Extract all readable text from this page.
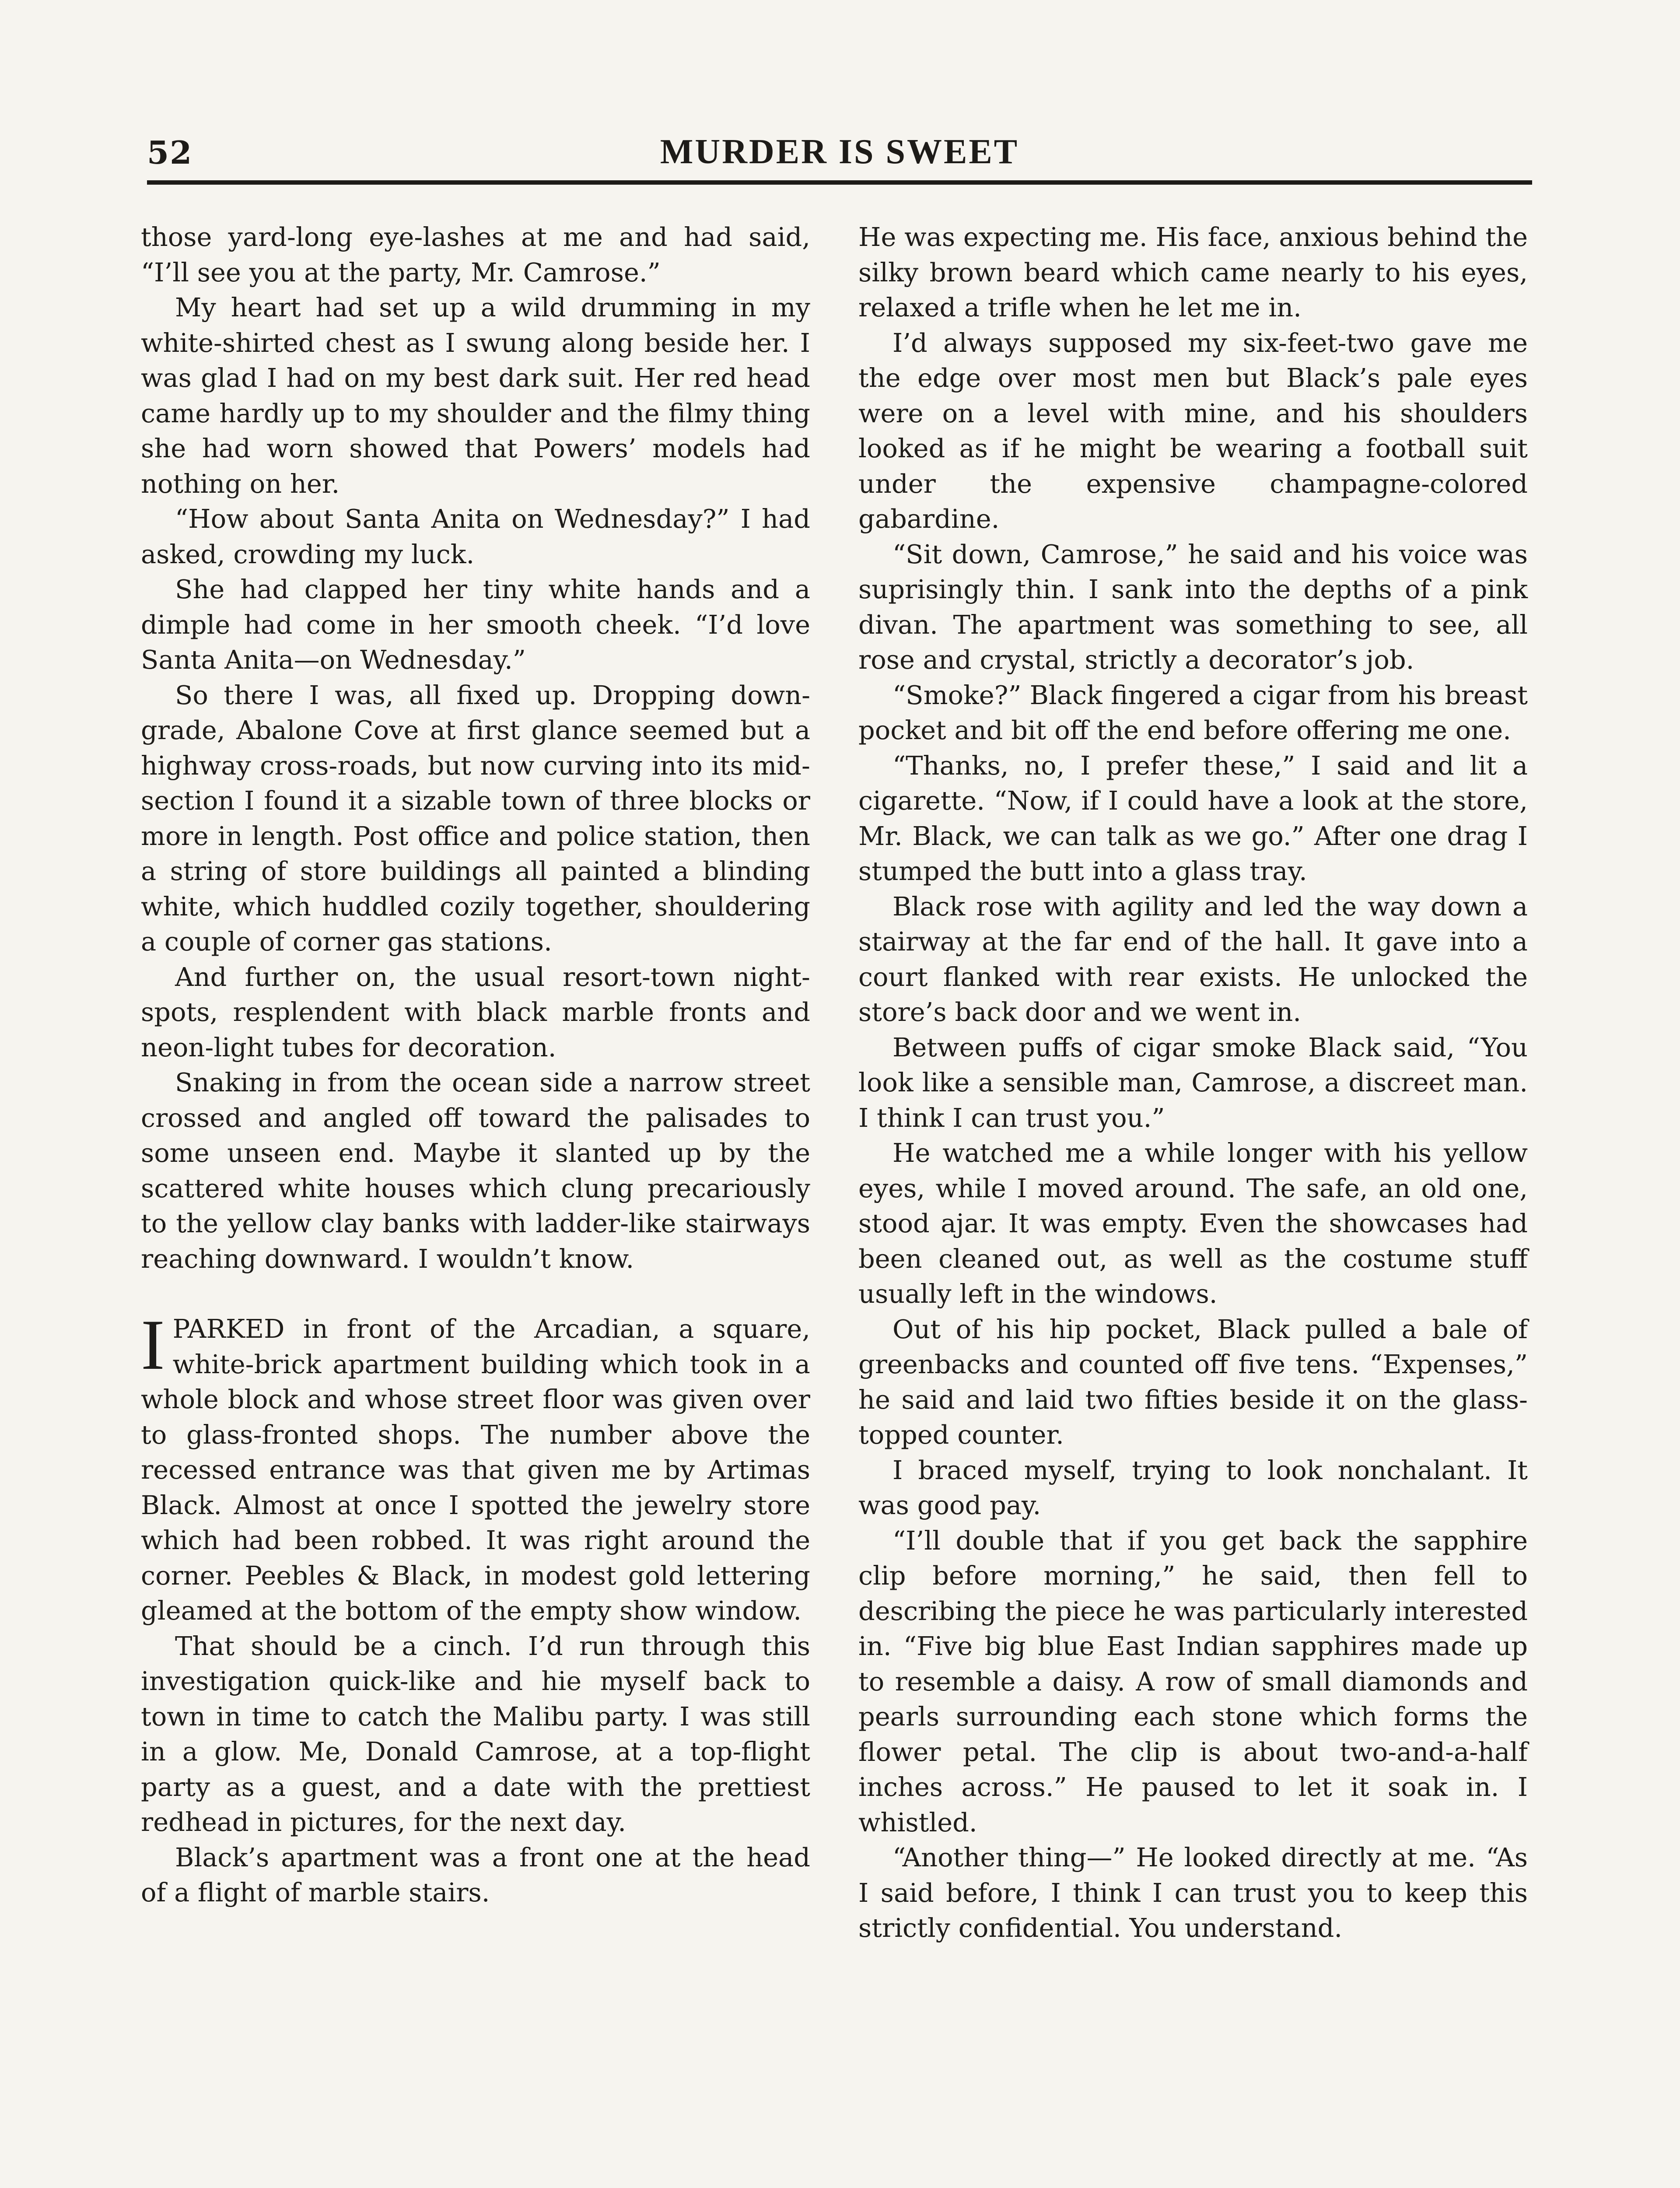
52	MURDER IS SWEET

those yard-long eye-lashes at me and had said, “I’ll see you at the party, Mr. Camrose.”

My heart had set up a wild drumming in my white-shirted chest as I swung along beside her. I was glad I had on my best dark suit. Her red head came hardly up to my shoulder and the filmy thing she had worn showed that Powers’ models had nothing on her.

“How about Santa Anita on Wednesday?” I had asked, crowding my luck.

She had clapped her tiny white hands and a dimple had come in her smooth cheek. “I’d love Santa Anita—on Wednesday.”

So there I was, all fixed up. Dropping down-grade, Abalone Cove at first glance seemed but a highway cross-roads, but now curving into its mid-section I found it a sizable town of three blocks or more in length. Post office and police station, then a string of store buildings all painted a blinding white, which huddled cozily together, shouldering a couple of corner gas stations.

And further on, the usual resort-town night-spots, resplendent with black marble fronts and neon-light tubes for decoration.

Snaking in from the ocean side a narrow street crossed and angled off toward the palisades to some unseen end. Maybe it slanted up by the scattered white houses which clung precariously to the yellow clay banks with ladder-like stairways reaching downward. I wouldn’t know.

I PARKED in front of the Arcadian, a square, white-brick apartment building which took in a whole block and whose street floor was given over to glass-fronted shops. The number above the recessed entrance was that given me by Artimas Black. Almost at once I spotted the jewelry store which had been robbed. It was right around the corner. Peebles & Black, in modest gold lettering gleamed at the bottom of the empty show window.

That should be a cinch. I’d run through this investigation quick-like and hie myself back to town in time to catch the Malibu party. I was still in a glow. Me, Donald Camrose, at a top-flight party as a guest, and a date with the prettiest redhead in pictures, for the next day.

Black’s apartment was a front one at the head of a flight of marble stairs.

He was expecting me. His face, anxious behind the silky brown beard which came nearly to his eyes, relaxed a trifle when he let me in.

I’d always supposed my six-feet-two gave me the edge over most men but Black’s pale eyes were on a level with mine, and his shoulders looked as if he might be wearing a football suit under the expensive champagne-colored gabardine.

“Sit down, Camrose,” he said and his voice was suprisingly thin. I sank into the depths of a pink divan. The apartment was something to see, all rose and crystal, strictly a decorator’s job.

“Smoke?” Black fingered a cigar from his breast pocket and bit off the end before offering me one.

“Thanks, no, I prefer these,” I said and lit a cigarette. “Now, if I could have a look at the store, Mr. Black, we can talk as we go.” After one drag I stumped the butt into a glass tray.

Black rose with agility and led the way down a stairway at the far end of the hall. It gave into a court flanked with rear exists. He unlocked the store’s back door and we went in.

Between puffs of cigar smoke Black said, “You look like a sensible man, Camrose, a discreet man. I think I can trust you.”

He watched me a while longer with his yellow eyes, while I moved around. The safe, an old one, stood ajar. It was empty. Even the showcases had been cleaned out, as well as the costume stuff usually left in the windows.

Out of his hip pocket, Black pulled a bale of greenbacks and counted off five tens. “Expenses,” he said and laid two fifties beside it on the glass-topped counter.

I braced myself, trying to look nonchalant. It was good pay.

“I’ll double that if you get back the sapphire clip before morning,” he said, then fell to describing the piece he was particularly interested in. “Five big blue East Indian sapphires made up to resemble a daisy. A row of small diamonds and pearls surrounding each stone which forms the flower petal. The clip is about two-and-a-half inches across.” He paused to let it soak in. I whistled.

“Another thing—” He looked directly at me. “As I said before, I think I can trust you to keep this strictly confidential. You understand.
